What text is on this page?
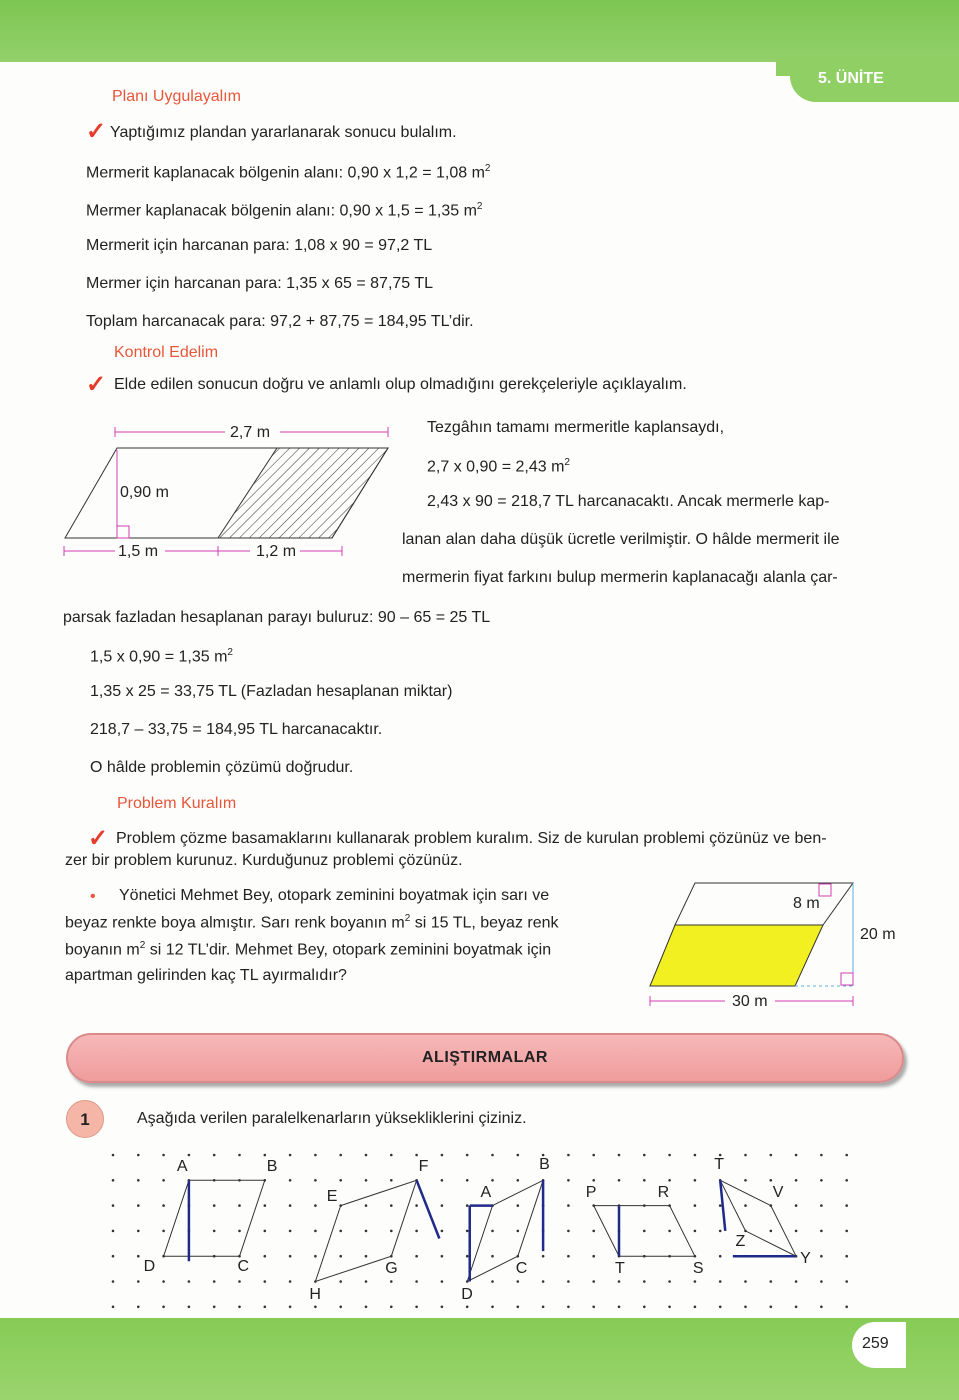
5. ÜNİTE
Planı Uygulayalım
✓ Yaptığımız plandan yararlanarak sonucu bulalım.
Mermerit kaplanacak bölgenin alanı: 0,90 x 1,2 = 1,08 $m^2$
Mermer kaplanacak bölgenin alanı: 0,90 x 1,5 = 1,35 $m^2$
Mermerit için harcanan para: 1,08 x 90 = 97,2 TL
Mermer için harcanan para: 1,35 x 65 = 87,75 TL
Toplam harcanacak para: 97,2 + 87,75 = 184,95 TL’dir.
Kontrol Edelim
✓ Elde edilen sonucun doğru ve anlamlı olup olmadığını gerekçeleriyle açıklayalım.
2,7 m
0,90 m
1,5 m	1,2 m
Tezgâhın tamamı mermeritle kaplansaydı,
2,7 x 0,90 = 2,43 $m^2$
2,43 x 90 = 218,7 TL harcanacaktı. Ancak mermerle kap-
lanan alan daha düşük ücretle verilmiştir. O hâlde mermerit ile
mermerin fiyat farkını bulup mermerin kaplanacağı alanla çar-
parsak fazladan hesaplanan parayı buluruz: 90 – 65 = 25 TL
1,5 x 0,90 = 1,35 $m^2$
1,35 x 25 = 33,75 TL (Fazladan hesaplanan miktar)
218,7 – 33,75 = 184,95 TL harcanacaktır.
O hâlde problemin çözümü doğrudur.
Problem Kuralım
✓ Problem çözme basamaklarını kullanarak problem kuralım. Siz de kurulan problemi çözünüz ve ben-
zer bir problem kurunuz. Kurduğunuz problemi çözünüz.
• Yönetici Mehmet Bey, otopark zeminini boyatmak için sarı ve
beyaz renkte boya almıştır. Sarı renk boyanın $m^2$ si 15 TL, beyaz renk
boyanın $m^2$ si 12 TL’dir. Mehmet Bey, otopark zeminini boyatmak için
apartman gelirinden kaç TL ayırmalıdır?
8 m
20 m
30 m
ALIŞTIRMALAR
1	Aşağıda verilen paralelkenarların yüksekliklerini çiziniz.
A	B
C
D
E
F
G
H
A
B
C
D
P	R
S
T
T
V
Y
Z
259
